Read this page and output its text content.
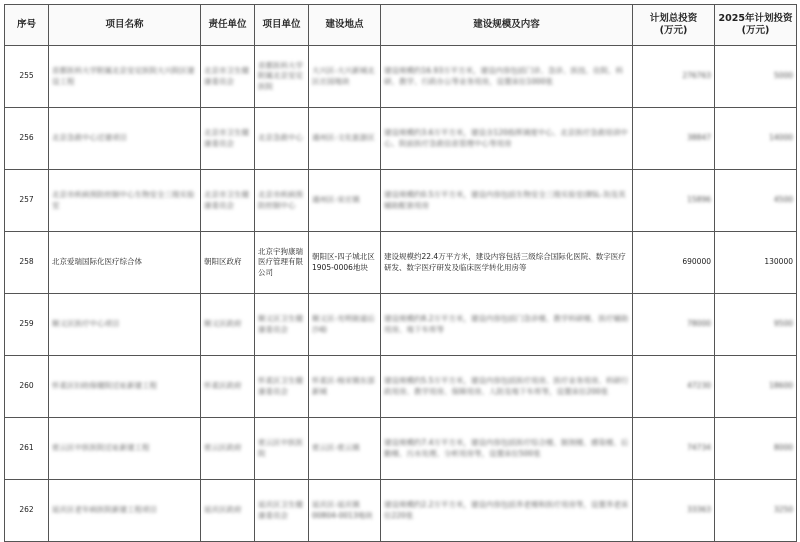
序号	项目名称	责任单位	项目单位	建设地点	建设规模及内容	计划总投资
(万元)	2025年计划投资
(万元)

255	首都医科大学附属北京安定医院大兴院区建设工程	北京市卫生健康委员会	首都医科大学附属北京安定医院	大兴区-大兴新城北区庄园地块	建设规模约16.93万平方米，建设内容包括门诊、急诊、医技、住院、科研、教学、行政办公等业务用房，设置床位1000张	276763	5000
256	北京急救中心迁建项目	北京市卫生健康委员会	北京急救中心	通州区-文化旅游区	建设规模约3.6万平方米，建设含120指挥调度中心、北京医疗急救培训中心、院前医疗急救信息管理中心等用房	38847	14000
257	北京市疾病预防控制中心生物安全三级实验室	北京市卫生健康委员会	北京市疾病预防控制中心	通州区-宋庄镇	建设规模约0.5万平方米，建设内容包括生物安全三级实验室(BSL-3)及其辅助配套用房	15896	4500
258	北京爱瑞国际化医疗综合体	朝阳区政府	北京宇狗康瑞医疗管理有限公司	朝阳区-四子城北区1905-0006地块	建设规模约22.4万平方米，建设内容包括三级综合国际化医院、数字医疗研发、数字医疗研发及临床医学转化用房等	690000	130000
259	顺义区医疗中心项目	顺义区政府	顺义区卫生健康委员会	顺义区-光明街道后沙峪	建设规模约8.2万平方米，建设内容包括门急诊楼、教学科研楼、医疗辅助用房、地下车库等	78000	9500
260	怀柔区妇幼保健院迁址新建工程	怀柔区政府	怀柔区卫生健康委员会	怀柔区-杨宋镇东部新城	建设规模约5.5万平方米，建设内容包括医疗用房、医疗业务用房、科研行政用房、教学用房、保障用房、人防及地下车库等，设置床位200张	47230	18600
261	密云区中医医院迁址新建工程	密云区政府	密云区中医医院	密云区-密云镇	建设规模约7.4万平方米，建设内容包括医疗综合楼、制剂楼、感染楼、后勤楼、污水处理、分析用房等，设置床位500张	74734	8000
262	延庆区老年病医院新建工程项目	延庆区政府	延庆区卫生健康委员会	延庆区-延庆镇00804-0013地块	建设规模约2.2万平方米，建设内容包括养老楼和医疗用房等，设置养老床位220张	33363	3250
